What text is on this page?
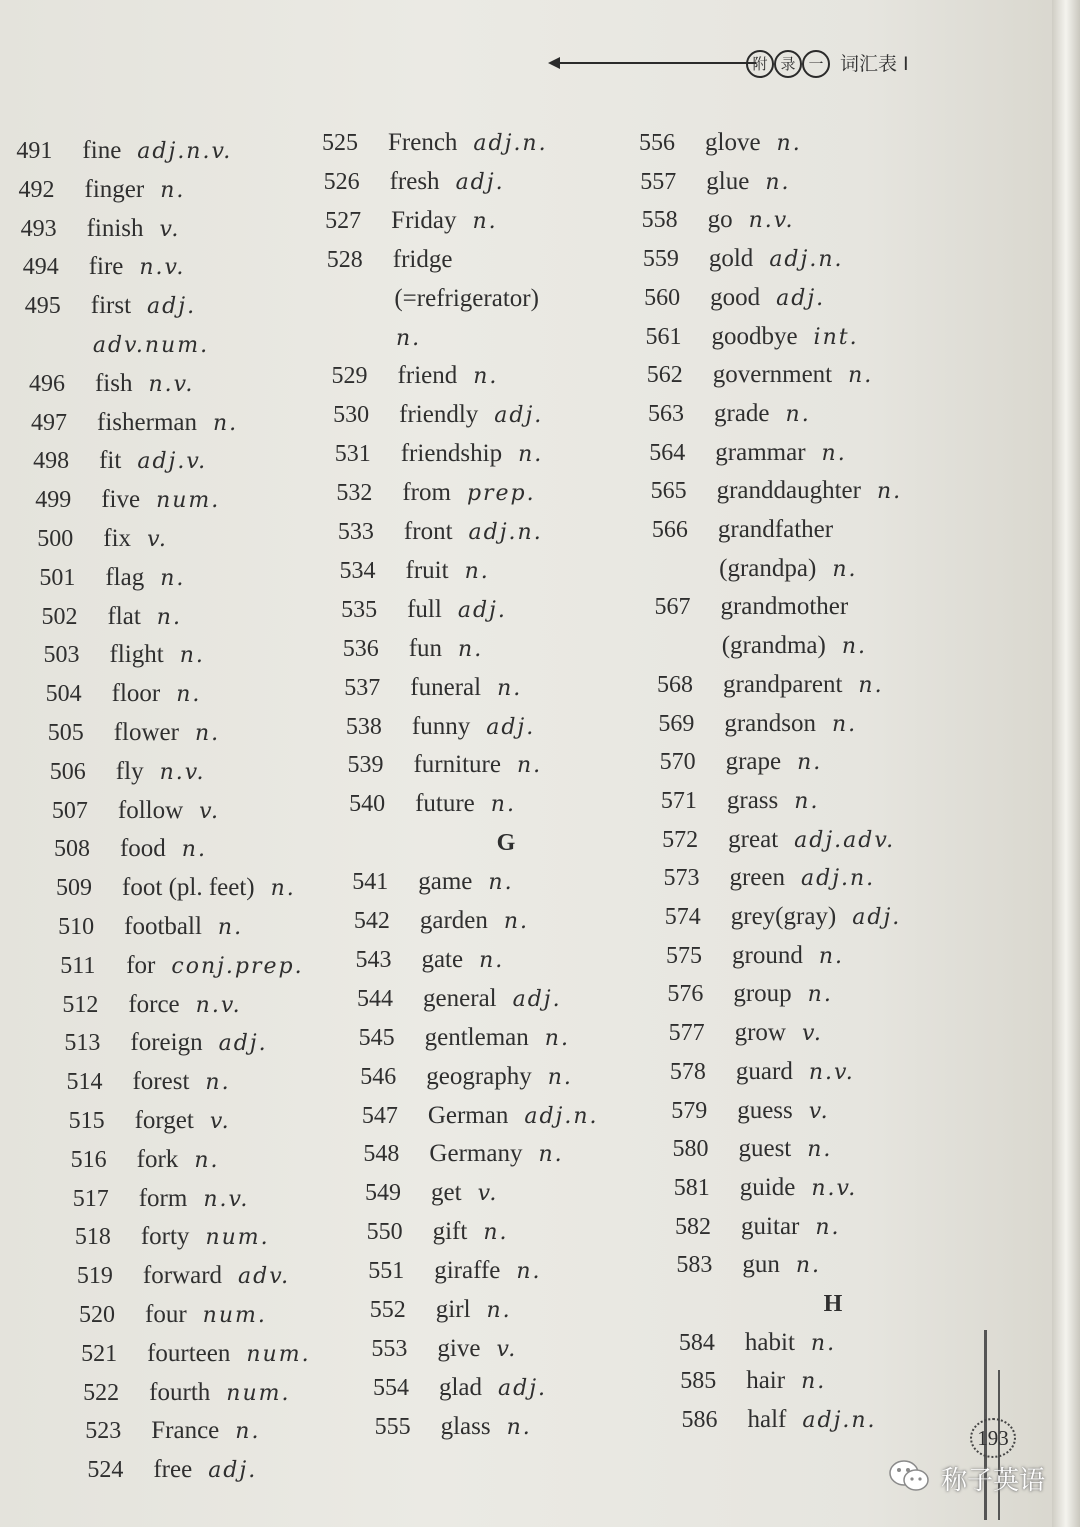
附 录 一 词汇表 I
491 fine adj.n.v.
492 finger n.
493 finish v.
494 fire n.v.
495 first adj.
adv.num.
496 fish n.v.
497 fisherman n.
498 fit adj.v.
499 five num.
500 fix v.
501 flag n.
502 flat n.
503 flight n.
504 floor n.
505 flower n.
506 fly n.v.
507 follow v.
508 food n.
509 foot (pl. feet) n.
510 football n.
511 for conj.prep.
512 force n.v.
513 foreign adj.
514 forest n.
515 forget v.
516 fork n.
517 form n.v.
518 forty num.
519 forward adv.
520 four num.
521 fourteen num.
522 fourth num.
523 France n.
524 free adj.
525 French adj.n.
526 fresh adj.
527 Friday n.
528 fridge
(=refrigerator)
n.
529 friend n.
530 friendly adj.
531 friendship n.
532 from prep.
533 front adj.n.
534 fruit n.
535 full adj.
536 fun n.
537 funeral n.
538 funny adj.
539 furniture n.
540 future n.
G
541 game n.
542 garden n.
543 gate n.
544 general adj.
545 gentleman n.
546 geography n.
547 German adj.n.
548 Germany n.
549 get v.
550 gift n.
551 giraffe n.
552 girl n.
553 give v.
554 glad adj.
555 glass n.
556 glove n.
557 glue n.
558 go n.v.
559 gold adj.n.
560 good adj.
561 goodbye int.
562 government n.
563 grade n.
564 grammar n.
565 granddaughter n.
566 grandfather
(grandpa) n.
567 grandmother
(grandma) n.
568 grandparent n.
569 grandson n.
570 grape n.
571 grass n.
572 great adj.adv.
573 green adj.n.
574 grey(gray) adj.
575 ground n.
576 group n.
577 grow v.
578 guard n.v.
579 guess v.
580 guest n.
581 guide n.v.
582 guitar n.
583 gun n.
H
584 habit n.
585 hair n.
586 half adj.n.
193
称子英语
